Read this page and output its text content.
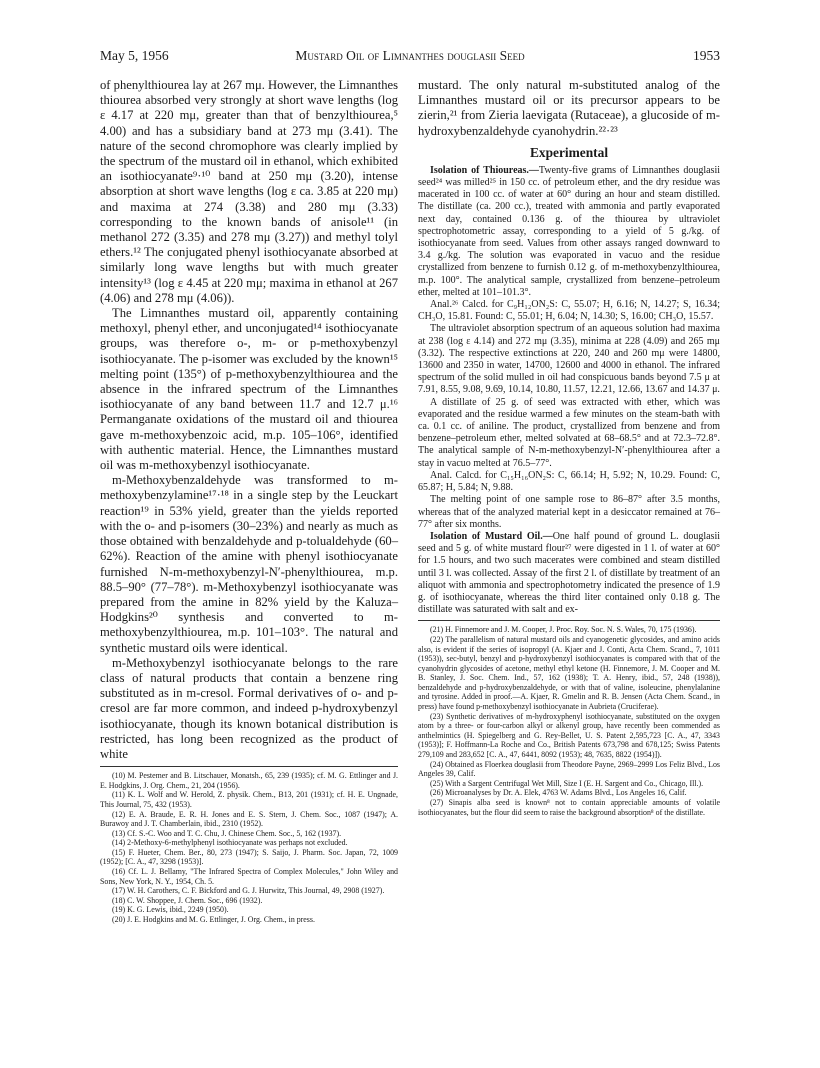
May 5, 1956	Mustard Oil of Limnanthes douglasii Seed	1953

of phenylthiourea lay at 267 mμ. However, the Limnanthes thiourea absorbed very strongly at short wave lengths (log ε 4.17 at 220 mμ, greater than that of benzylthiourea,⁵ 4.00) and has a subsidiary band at 273 mμ (3.41). The nature of the second chromophore was clearly implied by the spectrum of the mustard oil in ethanol, which exhibited an isothiocyanate⁹·¹⁰ band at 250 mμ (3.20), intense absorption at short wave lengths (log ε ca. 3.85 at 220 mμ) and maxima at 274 (3.38) and 280 mμ (3.33) corresponding to the known bands of anisole¹¹ (in methanol 272 (3.35) and 278 mμ (3.27)) and methyl tolyl ethers.¹² The conjugated phenyl isothiocyanate absorbed at similarly long wave lengths but with much greater intensity¹³ (log ε 4.45 at 220 mμ; maxima in ethanol at 267 (4.06) and 278 mμ (4.06)).

The Limnanthes mustard oil, apparently containing methoxyl, phenyl ether, and unconjugated¹⁴ isothiocyanate groups, was therefore o-, m- or p-methoxybenzyl isothiocyanate. The p-isomer was excluded by the known¹⁵ melting point (135°) of p-methoxybenzylthiourea and the absence in the infrared spectrum of the Limnanthes isothiocyanate of any band between 11.7 and 12.7 μ.¹⁶ Permanganate oxidations of the mustard oil and thiourea gave m-methoxybenzoic acid, m.p. 105–106°, identified with authentic material. Hence, the Limnanthes mustard oil was m-methoxybenzyl isothiocyanate.

m-Methoxybenzaldehyde was transformed to m-methoxybenzylamine¹⁷·¹⁸ in a single step by the Leuckart reaction¹⁹ in 53% yield, greater than the yields reported with the o- and p-isomers (30–23%) and nearly as much as those obtained with benzaldehyde and p-tolualdehyde (60–62%). Reaction of the amine with phenyl isothiocyanate furnished N-m-methoxybenzyl-N′-phenylthiourea, m.p. 88.5–90° (77–78°). m-Methoxybenzyl isothiocyanate was prepared from the amine in 82% yield by the Kaluza–Hodgkins²⁰ synthesis and converted to m-methoxybenzylthiourea, m.p. 101–103°. The natural and synthetic mustard oils were identical.

m-Methoxybenzyl isothiocyanate belongs to the rare class of natural products that contain a benzene ring substituted as in m-cresol. Formal derivatives of o- and p-cresol are far more common, and indeed p-hydroxybenzyl isothiocyanate, though its known botanical distribution is restricted, has long been recognized as the product of white

(10) M. Pestemer and B. Litschauer, Monatsh., 65, 239 (1935); cf. M. G. Ettlinger and J. E. Hodgkins, J. Org. Chem., 21, 204 (1956).

(11) K. L. Wolf and W. Herold, Z. physik. Chem., B13, 201 (1931); cf. H. E. Ungnade, This Journal, 75, 432 (1953).

(12) E. A. Braude, E. R. H. Jones and E. S. Stern, J. Chem. Soc., 1087 (1947); A. Burawoy and J. T. Chamberlain, ibid., 2310 (1952).

(13) Cf. S.-C. Woo and T. C. Chu, J. Chinese Chem. Soc., 5, 162 (1937).

(14) 2-Methoxy-6-methylphenyl isothiocyanate was perhaps not excluded.

(15) F. Hueter, Chem. Ber., 80, 273 (1947); S. Saijo, J. Pharm. Soc. Japan, 72, 1009 (1952); [C. A., 47, 3298 (1953)].

(16) Cf. L. J. Bellamy, "The Infrared Spectra of Complex Molecules," John Wiley and Sons, New York, N. Y., 1954, Ch. 5.

(17) W. H. Carothers, C. F. Bickford and G. J. Hurwitz, This Journal, 49, 2908 (1927).

(18) C. W. Shoppee, J. Chem. Soc., 696 (1932).

(19) K. G. Lewis, ibid., 2249 (1950).

(20) J. E. Hodgkins and M. G. Ettlinger, J. Org. Chem., in press.

mustard. The only natural m-substituted analog of the Limnanthes mustard oil or its precursor appears to be zierin,²¹ from Zieria laevigata (Rutaceae), a glucoside of m-hydroxybenzaldehyde cyanohydrin.²²·²³

Experimental

Isolation of Thioureas.—Twenty-five grams of Limnanthes douglasii seed²⁴ was milled²⁵ in 150 cc. of petroleum ether, and the dry residue was macerated in 100 cc. of water at 60° during an hour and steam distilled. The distillate (ca. 200 cc.), treated with ammonia and partly evaporated next day, contained 0.136 g. of the thiourea by ultraviolet spectrophotometric assay, corresponding to a yield of 5 g./kg. of isothiocyanate from seed. Values from other assays ranged downward to 3.4 g./kg. The solution was evaporated in vacuo and the residue crystallized from benzene to furnish 0.12 g. of m-methoxybenzylthiourea, m.p. 100°. The analytical sample, crystallized from benzene–petroleum ether, melted at 101–101.3°.

Anal.²⁶ Calcd. for C₉H₁₂ON₂S: C, 55.07; H, 6.16; N, 14.27; S, 16.34; CH₃O, 15.81. Found: C, 55.01; H, 6.04; N, 14.30; S, 16.00; CH₃O, 15.57.

The ultraviolet absorption spectrum of an aqueous solution had maxima at 238 (log ε 4.14) and 272 mμ (3.35), minima at 228 (4.09) and 265 mμ (3.32). The respective extinctions at 220, 240 and 260 mμ were 14800, 13600 and 2350 in water, 14700, 12600 and 4000 in ethanol. The infrared spectrum of the solid mulled in oil had conspicuous bands beyond 7.5 μ at 7.91, 8.55, 9.08, 9.69, 10.14, 10.80, 11.57, 12.21, 12.66, 13.67 and 14.37 μ.

A distillate of 25 g. of seed was extracted with ether, which was evaporated and the residue warmed a few minutes on the steam-bath with ca. 0.1 cc. of aniline. The product, crystallized from benzene and from benzene–petroleum ether, melted solvated at 68–68.5° and at 72.3–72.8°. The analytical sample of N-m-methoxybenzyl-N′-phenylthiourea after a stay in vacuo melted at 76.5–77°.

Anal. Calcd. for C₁₅H₁₆ON₂S: C, 66.14; H, 5.92; N, 10.29. Found: C, 65.87; H, 5.84; N, 9.88.

The melting point of one sample rose to 86–87° after 3.5 months, whereas that of the analyzed material kept in a desiccator remained at 76–77° after six months.

Isolation of Mustard Oil.—One half pound of ground L. douglasii seed and 5 g. of white mustard flour²⁷ were digested in 1 l. of water at 60° for 1.5 hours, and two such macerates were combined and steam distilled until 3 l. was collected. Assay of the first 2 l. of distillate by treatment of an aliquot with ammonia and spectrophotometry indicated the presence of 1.9 g. of isothiocyanate, whereas the third liter contained only 0.18 g. The distillate was saturated with salt and ex-

(21) H. Finnemore and J. M. Cooper, J. Proc. Roy. Soc. N. S. Wales, 70, 175 (1936).

(22) The parallelism of natural mustard oils and cyanogenetic glycosides, and amino acids also, is evident if the series of isopropyl (A. Kjaer and J. Conti, Acta Chem. Scand., 7, 1011 (1953)), sec-butyl, benzyl and p-hydroxybenzyl isothiocyanates is compared with that of the cyanohydrin glycosides of acetone, methyl ethyl ketone (H. Finnemore, J. M. Cooper and M. B. Stanley, J. Soc. Chem. Ind., 57, 162 (1938); T. A. Henry, ibid., 57, 248 (1938)), benzaldehyde and p-hydroxybenzaldehyde, or with that of valine, isoleucine, phenylalanine and tyrosine. Added in proof.—A. Kjaer, R. Gmelin and R. B. Jensen (Acta Chem. Scand., in press) have found p-methoxybenzyl isothiocyanate in Aubrieta (Cruciferae).

(23) Synthetic derivatives of m-hydroxyphenyl isothiocyanate, substituted on the oxygen atom by a three- or four-carbon alkyl or alkenyl group, have recently been commended as anthelmintics (H. Spiegelberg and G. Rey-Bellet, U. S. Patent 2,595,723 [C. A., 47, 3343 (1953)]; F. Hoffmann-La Roche and Co., British Patents 673,798 and 678,125; Swiss Patents 279,109 and 283,652 [C. A., 47, 6441, 8092 (1953); 48, 7635, 8822 (1954)]).

(24) Obtained as Floerkea douglasii from Theodore Payne, 2969–2999 Los Feliz Blvd., Los Angeles 39, Calif.

(25) With a Sargent Centrifugal Wet Mill, Size I (E. H. Sargent and Co., Chicago, Ill.).

(26) Microanalyses by Dr. A. Elek, 4763 W. Adams Blvd., Los Angeles 16, Calif.

(27) Sinapis alba seed is known⁸ not to contain appreciable amounts of volatile isothiocyanates, but the flour did seem to raise the background absorption⁸ of the distillate.
